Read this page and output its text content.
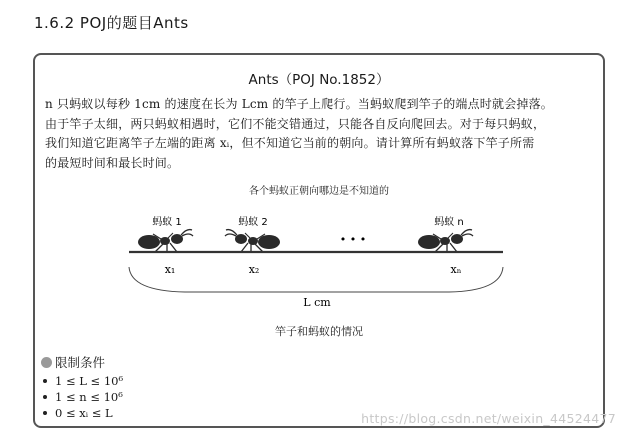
1.6.2 POJ的题目Ants
Ants（POJ No.1852）
n 只蚂蚁以每秒 1cm 的速度在长为 Lcm 的竿子上爬行。当蚂蚁爬到竿子的端点时就会掉落。
由于竿子太细，两只蚂蚁相遇时，它们不能交错通过，只能各自反向爬回去。对于每只蚂蚁，
我们知道它距离竿子左端的距离 xᵢ，但不知道它当前的朝向。请计算所有蚂蚁落下竿子所需
的最短时间和最长时间。
各个蚂蚁正朝向哪边是不知道的
蚂蚁 1	蚂蚁 2	蚂蚁 n
• • •
x₁	x₂	xₙ
L cm
竿子和蚂蚁的情况
限制条件
1 ≤ L ≤ 10⁶
1 ≤ n ≤ 10⁶
0 ≤ xᵢ ≤ L	https://blog.csdn.net/weixin_44524477
